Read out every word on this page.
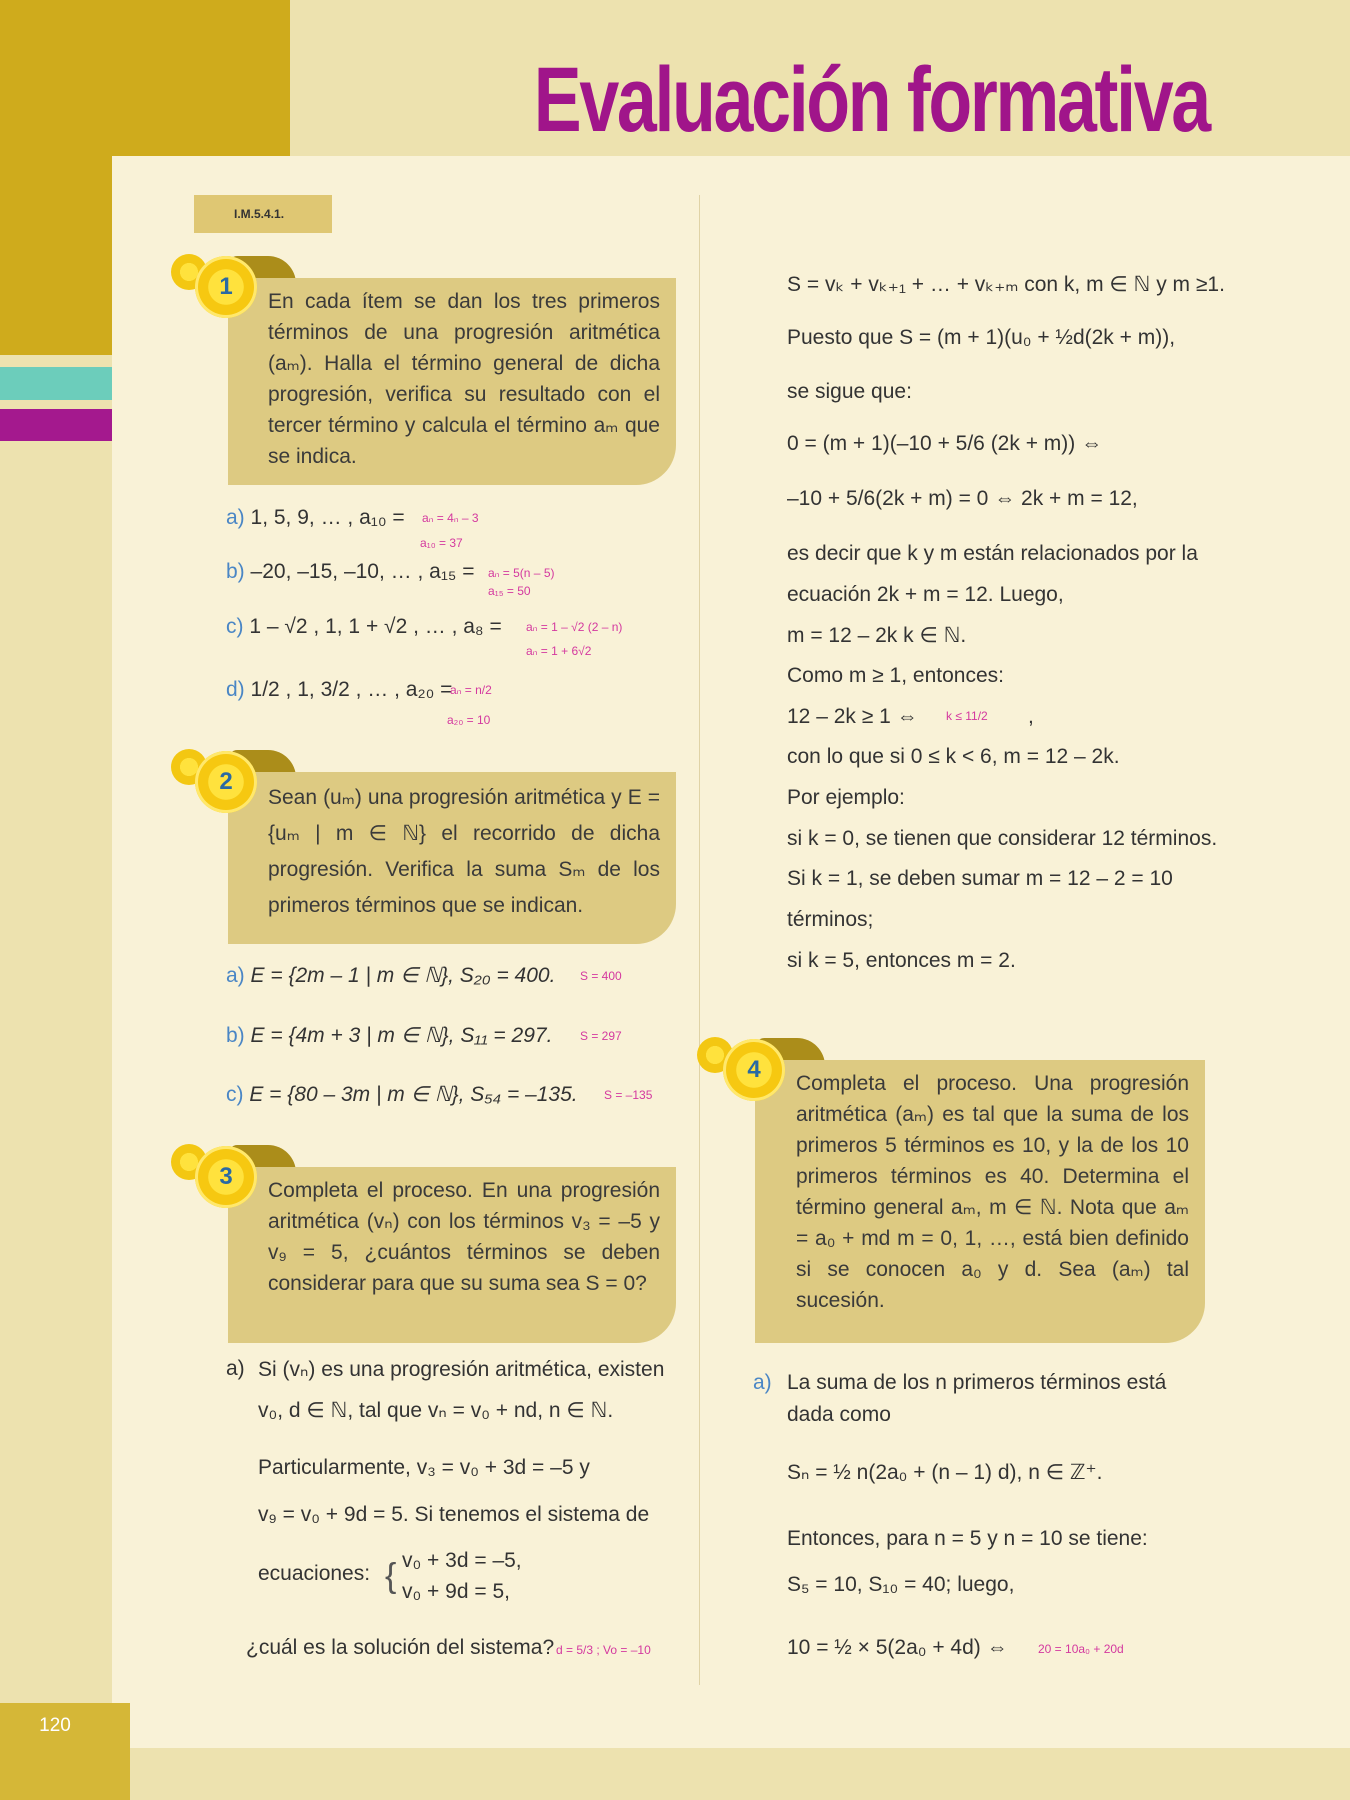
Evaluación formativa
I.M.5.4.1.
120
En cada ítem se dan los tres primeros términos de una progresión aritmética (aₘ). Halla el término general de dicha progresión, verifica su resultado con el tercer término y calcula el término aₘ que se indica.
1
a) 1, 5, 9, … , a₁₀ = aₙ = 4ₙ – 3
a₁₀ = 37
b) –20, –15, –10, … , a₁₅ = aₙ = 5(n – 5)
a₁₅ = 50
c) 1 – √2 , 1, 1 + √2 , … , a₈ = aₙ = 1 – √2 (2 – n)
aₙ = 1 + 6√2
d) 1/2 , 1, 3/2 , … , a₂₀ =
aₙ = n/2
a₂₀ = 10
Sean (uₘ) una progresión aritmética y E = {uₘ | m ∈ ℕ} el recorrido de dicha progresión. Verifica la suma Sₘ de los primeros términos que se indican.
2
a) E = {2m – 1 | m ∈ ℕ}, S₂₀ = 400. S = 400
b) E = {4m + 3 | m ∈ ℕ}, S₁₁ = 297. S = 297
c) E = {80 – 3m | m ∈ ℕ}, S₅₄ = –135. S = –135
Completa el proceso. En una progresión aritmética (vₙ) con los términos v₃ = –5 y v₉ = 5, ¿cuántos términos se deben considerar para que su suma sea S = 0?
3
a) Si (vₙ) es una progresión aritmética, existen
v₀, d ∈ ℕ, tal que vₙ = v₀ + nd, n ∈ ℕ.
Particularmente, v₃ = v₀ + 3d = –5 y
v₉ = v₀ + 9d = 5. Si tenemos el sistema de
ecuaciones: { v₀ + 3d = –5,
v₀ + 9d = 5,
¿cuál es la solución del sistema? d = 5/3 ; Vo = –10
S = vₖ + vₖ₊₁ + … + vₖ₊ₘ con k, m ∈ ℕ y m ≥1.
Puesto que S = (m + 1)(u₀ + ½d(2k + m)),
se sigue que:
0 = (m + 1)(–10 + 5/6 (2k + m)) ⇔
–10 + 5/6(2k + m) = 0 ⇔ 2k + m = 12,
es decir que k y m están relacionados por la
ecuación 2k + m = 12. Luego,
m = 12 – 2k k ∈ ℕ.
Como m ≥ 1, entonces:
12 – 2k ≥ 1 ⇔ k ≤ 11/2 ,
con lo que si 0 ≤ k < 6, m = 12 – 2k.
Por ejemplo:
si k = 0, se tienen que considerar 12 términos.
Si k = 1, se deben sumar m = 12 – 2 = 10
términos;
si k = 5, entonces m = 2.
Completa el proceso. Una progresión aritmética (aₘ) es tal que la suma de los primeros 5 términos es 10, y la de los 10 primeros términos es 40. Determina el término general aₘ, m ∈ ℕ. Nota que aₘ = a₀ + md m = 0, 1, …, está bien definido si se conocen a₀ y d. Sea (aₘ) tal sucesión.
4
a) La suma de los n primeros términos está
dada como
Sₙ = ½ n(2a₀ + (n – 1) d), n ∈ ℤ⁺.
Entonces, para n = 5 y n = 10 se tiene:
S₅ = 10, S₁₀ = 40; luego,
10 = ½ × 5(2a₀ + 4d) ⇔	20 = 10a₀ + 20d
